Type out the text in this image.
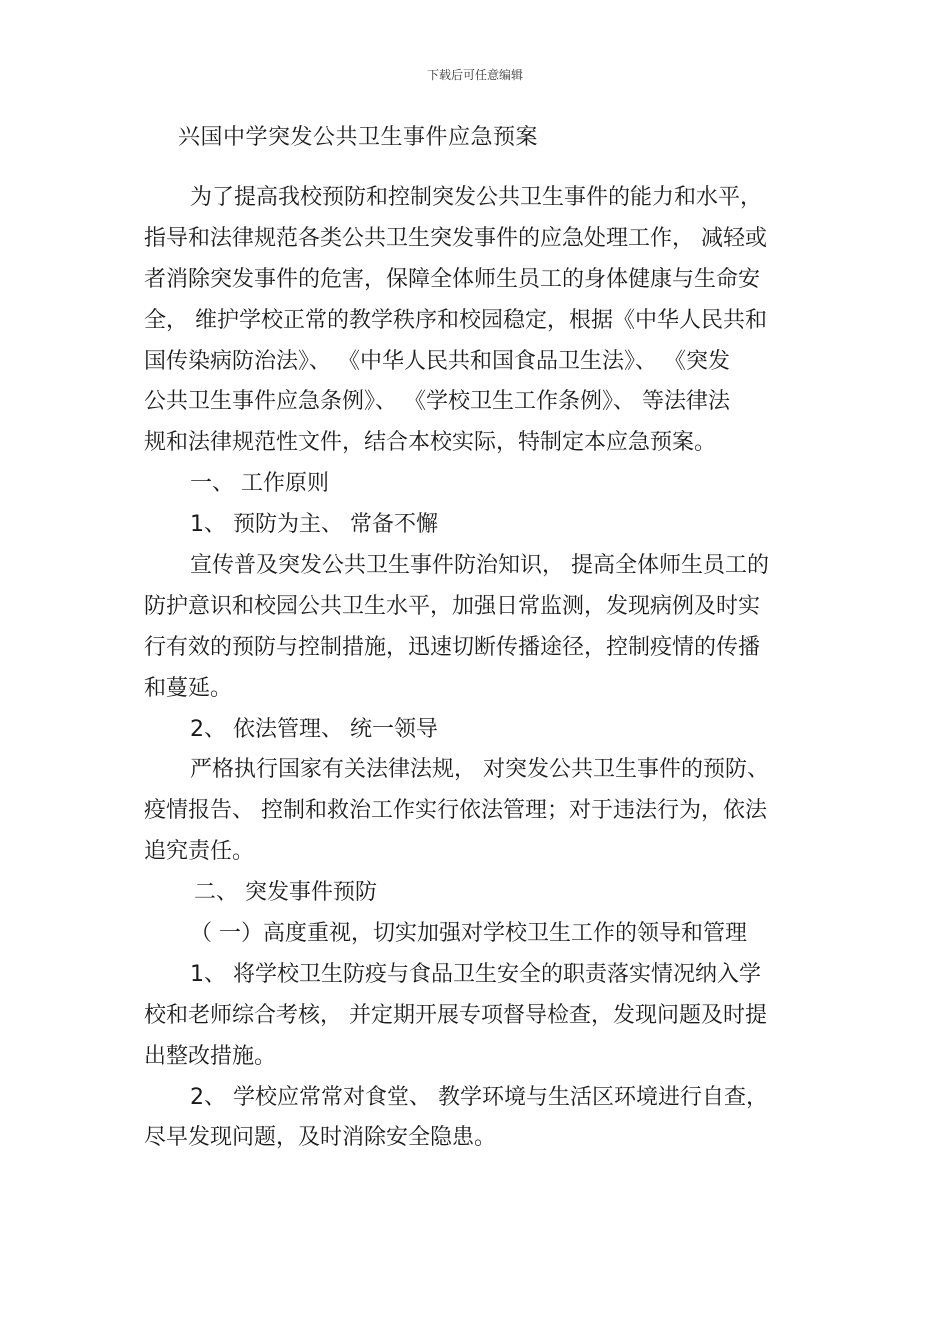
下载后可任意编辑
兴国中学突发公共卫生事件应急预案
为了提高我校预防和控制突发公共卫生事件的能力和水平，
指导和法律规范各类公共卫生突发事件的应急处理工作， 减轻或
者消除突发事件的危害，保障全体师生员工的身体健康与生命安
全， 维护学校正常的教学秩序和校园稳定，根据《中华人民共和
国传染病防治法》、 《中华人民共和国食品卫生法》、 《突发
公共卫生事件应急条例》、 《学校卫生工作条例》、 等法律法
规和法律规范性文件，结合本校实际，特制定本应急预案。
一、 工作原则
1、 预防为主、 常备不懈
宣传普及突发公共卫生事件防治知识， 提高全体师生员工的
防护意识和校园公共卫生水平，加强日常监测，发现病例及时实
行有效的预防与控制措施，迅速切断传播途径，控制疫情的传播
和蔓延。
2、 依法管理、 统一领导
严格执行国家有关法律法规， 对突发公共卫生事件的预防、
疫情报告、 控制和救治工作实行依法管理；对于违法行为，依法
追究责任。
二、 突发事件预防
（ 一）高度重视，切实加强对学校卫生工作的领导和管理
1、 将学校卫生防疫与食品卫生安全的职责落实情况纳入学
校和老师综合考核， 并定期开展专项督导检查，发现问题及时提
出整改措施。
2、 学校应常常对食堂、 教学环境与生活区环境进行自查，
尽早发现问题，及时消除安全隐患。
